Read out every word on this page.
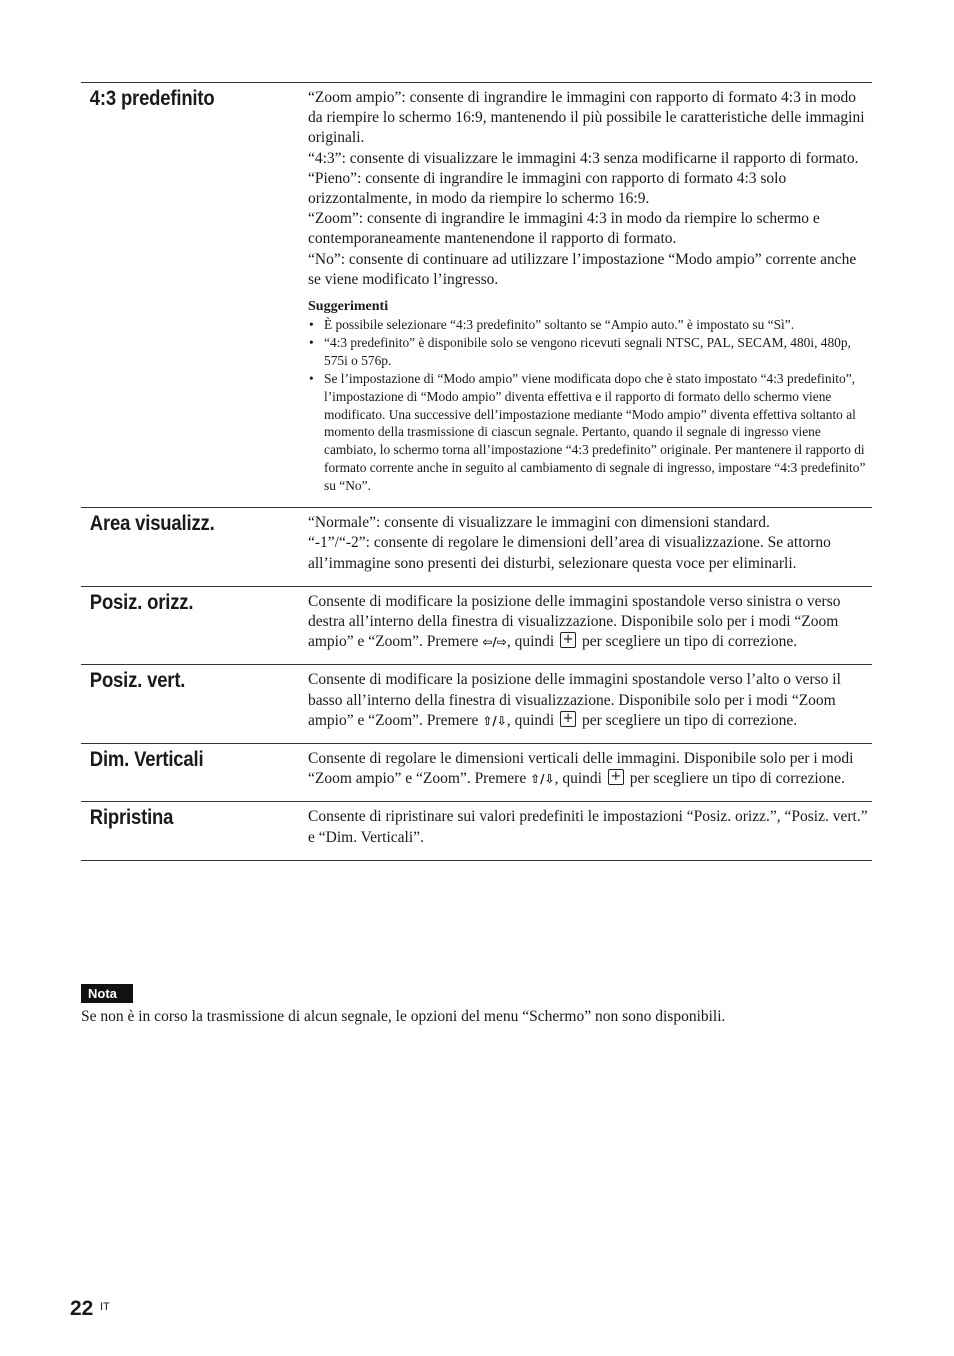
4:3 predefinito	“Zoom ampio”: consente di ingrandire le immagini con rapporto di formato 4:3 in modo da riempire lo schermo 16:9, mantenendo il più possibile le caratteristiche delle immagini originali.

“4:3”: consente di visualizzare le immagini 4:3 senza modificarne il rapporto di formato.

“Pieno”: consente di ingrandire le immagini con rapporto di formato 4:3 solo orizzontalmente, in modo da riempire lo schermo 16:9.

“Zoom”: consente di ingrandire le immagini 4:3 in modo da riempire lo schermo e contemporaneamente mantenendone il rapporto di formato.

“No”: consente di continuare ad utilizzare l’impostazione “Modo ampio” corrente anche se viene modificato l’ingresso.

Suggerimenti
• È possibile selezionare “4:3 predefinito” soltanto se “Ampio auto.” è impostato su “Sì”.
• “4:3 predefinito” è disponibile solo se vengono ricevuti segnali NTSC, PAL, SECAM, 480i, 480p, 575i o 576p.
• Se l’impostazione di “Modo ampio” viene modificata dopo che è stato impostato “4:3 predefinito”, l’impostazione di “Modo ampio” diventa effettiva e il rapporto di formato dello schermo viene modificato. Una successive dell’impostazione mediante “Modo ampio” diventa effettiva soltanto al momento della trasmissione di ciascun segnale. Pertanto, quando il segnale di ingresso viene cambiato, lo schermo torna all’impostazione “4:3 predefinito” originale. Per mantenere il rapporto di formato corrente anche in seguito al cambiamento di segnale di ingresso, impostare “4:3 predefinito” su “No”.
Area visualizz.	“Normale”: consente di visualizzare le immagini con dimensioni standard.

“-1”/“-2”: consente di regolare le dimensioni dell’area di visualizzazione. Se attorno all’immagine sono presenti dei disturbi, selezionare questa voce per eliminarli.

Posiz. orizz.	Consente di modificare la posizione delle immagini spostandole verso sinistra o verso destra all’interno della finestra di visualizzazione. Disponibile solo per i modi “Zoom ampio” e “Zoom”. Premere ⇦/⇨, quindi + per scegliere un tipo di correzione.

Posiz. vert.	Consente di modificare la posizione delle immagini spostandole verso l’alto o verso il basso all’interno della finestra di visualizzazione. Disponibile solo per i modi “Zoom ampio” e “Zoom”. Premere ⇧/⇩, quindi + per scegliere un tipo di correzione.

Dim. Verticali	Consente di regolare le dimensioni verticali delle immagini. Disponibile solo per i modi “Zoom ampio” e “Zoom”. Premere ⇧/⇩, quindi + per scegliere un tipo di correzione.

Ripristina	Consente di ripristinare sui valori predefiniti le impostazioni “Posiz. orizz.”, “Posiz. vert.” e “Dim. Verticali”.

Nota
Se non è in corso la trasmissione di alcun segnale, le opzioni del menu “Schermo” non sono disponibili.
22 IT
